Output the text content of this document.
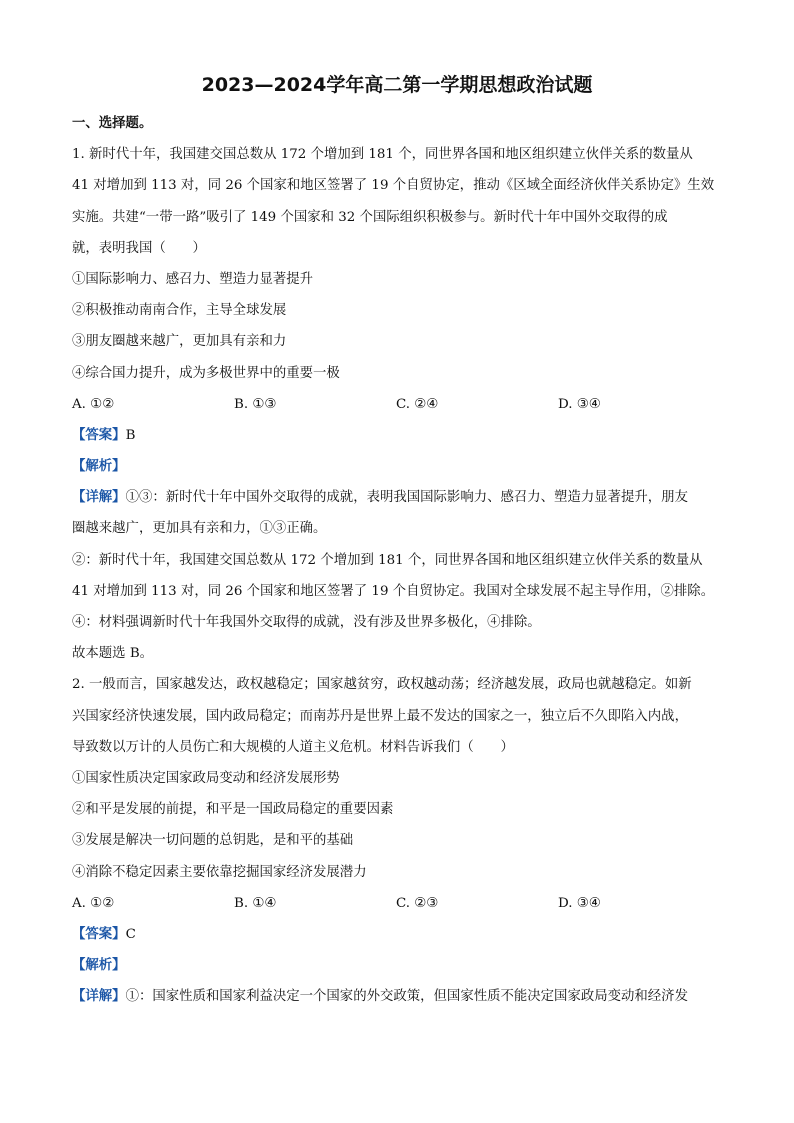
2023—2024学年高二第一学期思想政治试题
一、选择题。
1. 新时代十年，我国建交国总数从 172 个增加到 181 个，同世界各国和地区组织建立伙伴关系的数量从
41 对增加到 113 对，同 26 个国家和地区签署了 19 个自贸协定，推动《区域全面经济伙伴关系协定》生效
实施。共建“一带一路”吸引了 149 个国家和 32 个国际组织积极参与。新时代十年中国外交取得的成
就，表明我国（　　）
①国际影响力、感召力、塑造力显著提升
②积极推动南南合作，主导全球发展
③朋友圈越来越广，更加具有亲和力
④综合国力提升，成为多极世界中的重要一极
A. ①②	B. ①③	C. ②④	D. ③④
【答案】B
【解析】
【详解】①③：新时代十年中国外交取得的成就，表明我国国际影响力、感召力、塑造力显著提升，朋友
圈越来越广，更加具有亲和力，①③正确。
②：新时代十年，我国建交国总数从 172 个增加到 181 个，同世界各国和地区组织建立伙伴关系的数量从
41 对增加到 113 对，同 26 个国家和地区签署了 19 个自贸协定。我国对全球发展不起主导作用，②排除。
④：材料强调新时代十年我国外交取得的成就，没有涉及世界多极化，④排除。
故本题选 B。
2. 一般而言，国家越发达，政权越稳定；国家越贫穷，政权越动荡；经济越发展，政局也就越稳定。如新
兴国家经济快速发展，国内政局稳定；而南苏丹是世界上最不发达的国家之一，独立后不久即陷入内战，
导致数以万计的人员伤亡和大规模的人道主义危机。材料告诉我们（　　）
①国家性质决定国家政局变动和经济发展形势
②和平是发展的前提，和平是一国政局稳定的重要因素
③发展是解决一切问题的总钥匙，是和平的基础
④消除不稳定因素主要依靠挖掘国家经济发展潜力
A. ①②	B. ①④	C. ②③	D. ③④
【答案】C
【解析】
【详解】①：国家性质和国家利益决定一个国家的外交政策，但国家性质不能决定国家政局变动和经济发
